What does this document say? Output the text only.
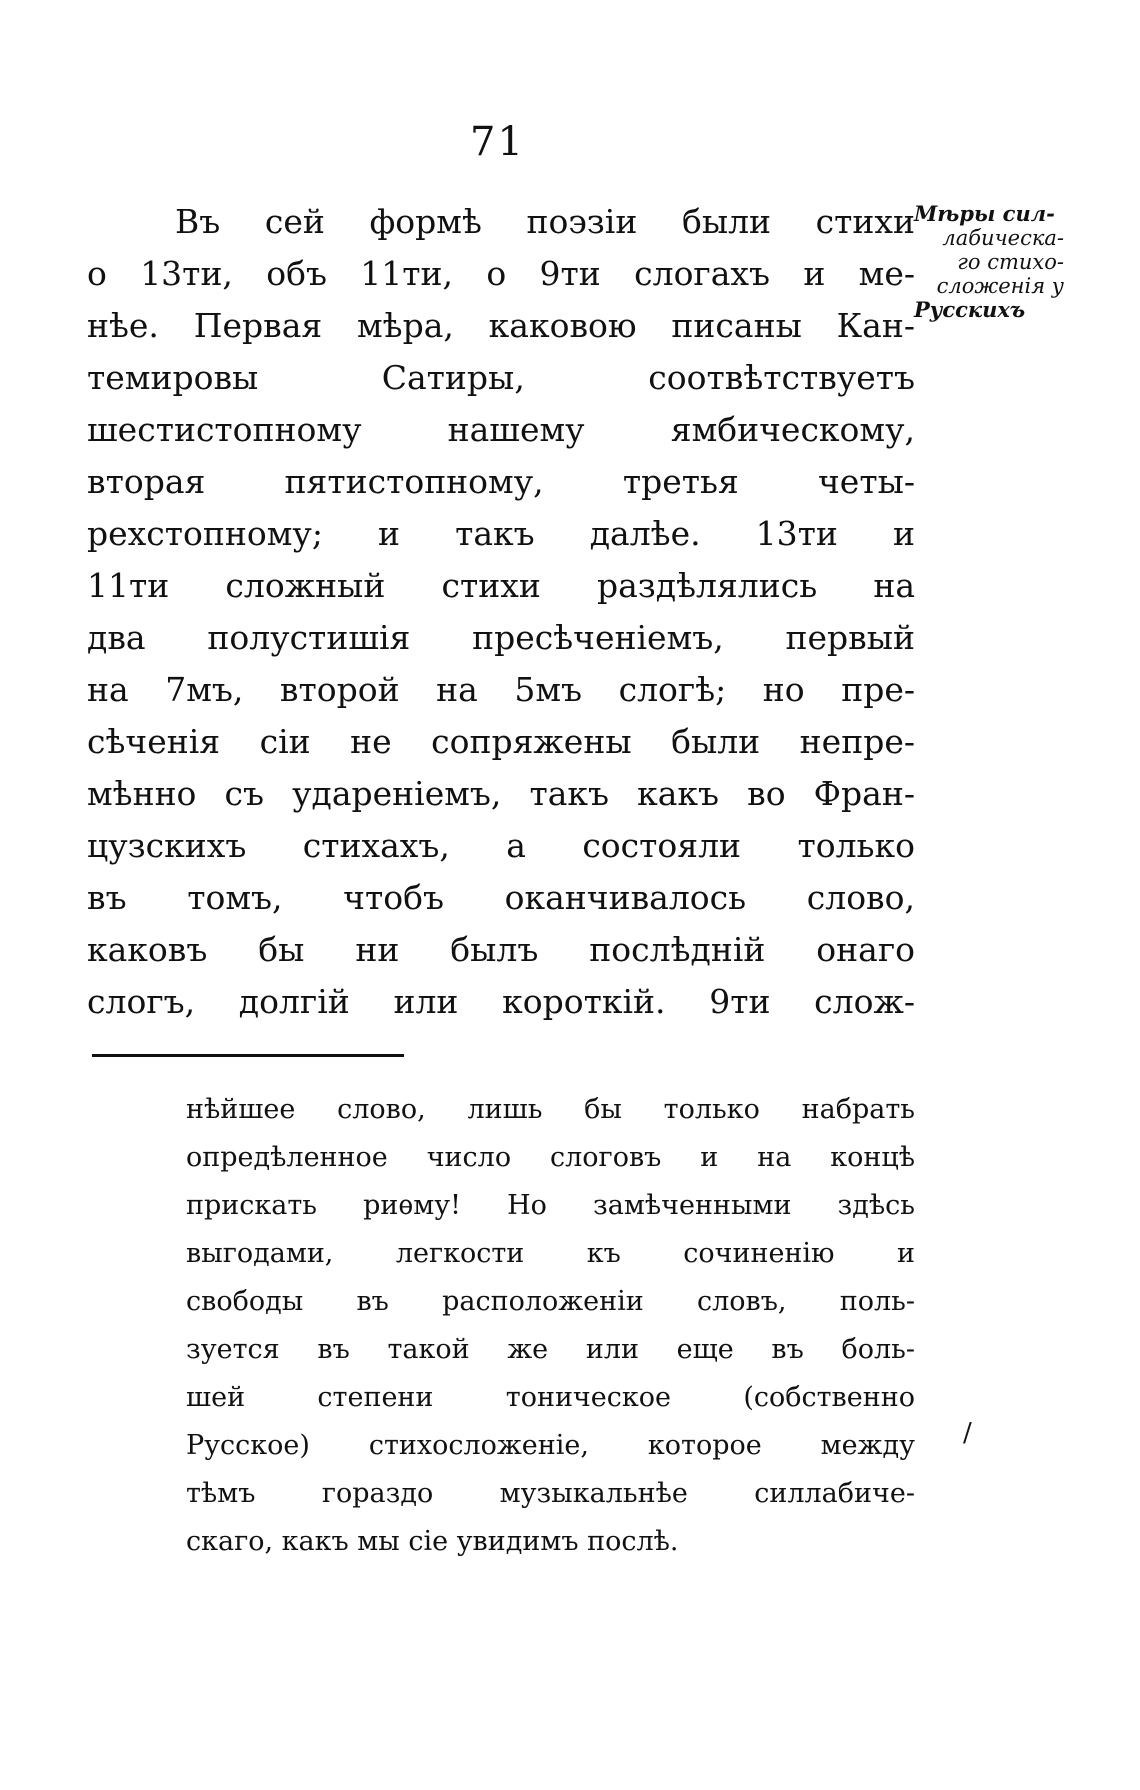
71
Въ сей формѣ поэзіи были стихи
о 13ти, объ 11ти, о 9ти слогахъ и ме-
нѣе. Первая мѣра, каковою писаны Кан-
темировы Сатиры, соотвѣтствуетъ
шестистопному нашему ямбическому,
вторая пятистопному, третья четы-
рехстопному; и такъ далѣе. 13ти и
11ти сложный стихи раздѣлялись на
два полустишія пресѣченіемъ, первый
на 7мъ, второй на 5мъ слогѣ; но пре-
сѣченія сіи не сопряжены были непре-
мѣнно съ удареніемъ, такъ какъ во Фран-
цузскихъ стихахъ, а состояли только
въ томъ, чтобъ оканчивалось слово,
каковъ бы ни былъ послѣдній онаго
слогъ, долгій или короткій. 9ти слож-
Мѣры сил-
лабическа-
го стихо-
сложенія у
Русскихъ
нѣйшее слово, лишь бы только набрать
опредѣленное число слоговъ и на концѣ
прискать риѳму! Но замѣченными здѣсь
выгодами, легкости къ сочиненію и
свободы въ расположеніи словъ, поль-
зуется въ такой же или еще въ боль-
шей степени тоническое (собственно
Русское) стихосложеніе, которое между
тѣмъ гораздо музыкальнѣе силлабиче-
скаго, какъ мы сіе увидимъ послѣ.
/
